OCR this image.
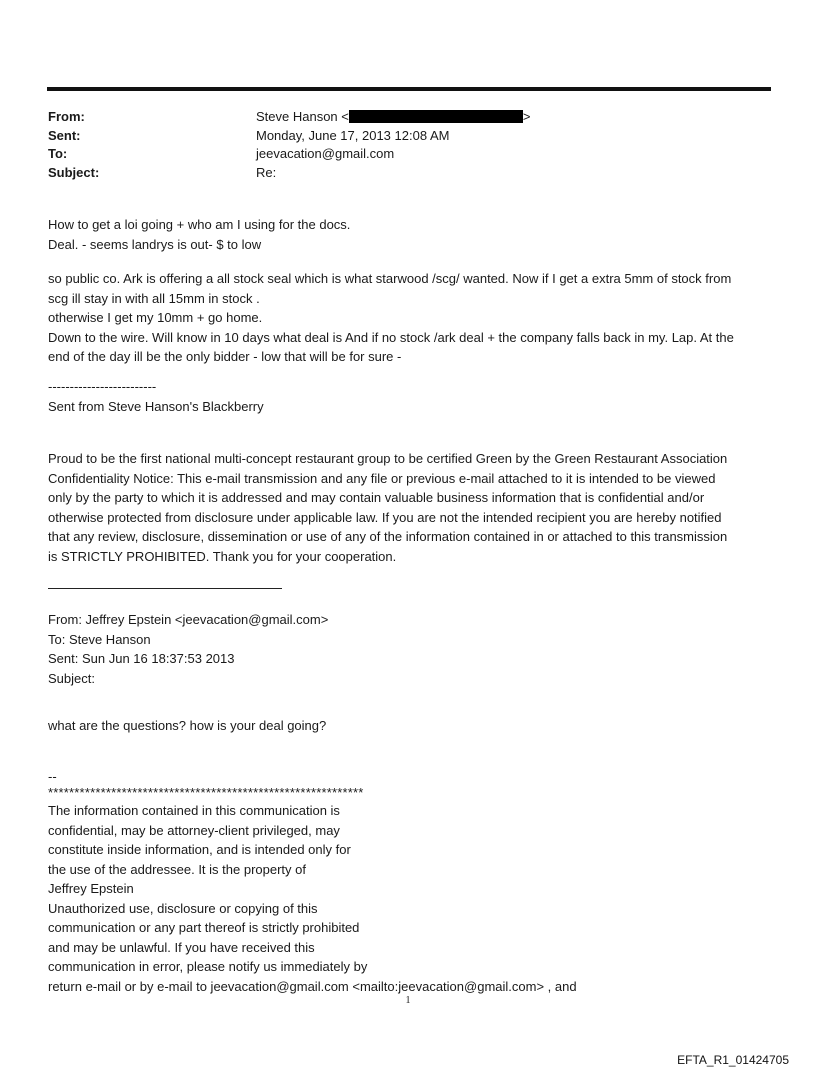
From:	Steve Hanson <	>
Sent:	Monday, June 17, 2013 12:08 AM
To:	jeevacation@gmail.com
Subject:	Re:

How to get a loi going + who am I using for the docs.

Deal. - seems landrys is out- $ to low

so public co. Ark is offering a all stock seal which is what starwood /scg/ wanted. Now if I get a extra 5mm of stock from

scg ill stay in with all 15mm in stock .

otherwise I get my 10mm + go home.

Down to the wire. Will know in 10 days what deal is And if no stock /ark deal + the company falls back in my. Lap. At the

end of the day ill be the only bidder - low that will be for sure -

-------------------------

Sent from Steve Hanson's Blackberry

Proud to be the first national multi-concept restaurant group to be certified Green by the Green Restaurant Association

Confidentiality Notice: This e-mail transmission and any file or previous e-mail attached to it is intended to be viewed

only by the party to which it is addressed and may contain valuable business information that is confidential and/or

otherwise protected from disclosure under applicable law. If you are not the intended recipient you are hereby notified

that any review, disclosure, dissemination or use of any of the information contained in or attached to this transmission

is STRICTLY PROHIBITED. Thank you for your cooperation.

From: Jeffrey Epstein <jeevacation@gmail.com>

To: Steve Hanson

Sent: Sun Jun 16 18:37:53 2013

Subject:

what are the questions? how is your deal going?

--

************************************************************

The information contained in this communication is

confidential, may be attorney-client privileged, may

constitute inside information, and is intended only for

the use of the addressee. It is the property of

Jeffrey Epstein

Unauthorized use, disclosure or copying of this

communication or any part thereof is strictly prohibited

and may be unlawful. If you have received this

communication in error, please notify us immediately by

return e-mail or by e-mail to jeevacation@gmail.com <mailto:jeevacation@gmail.com> , and

1
EFTA_R1_01424705
